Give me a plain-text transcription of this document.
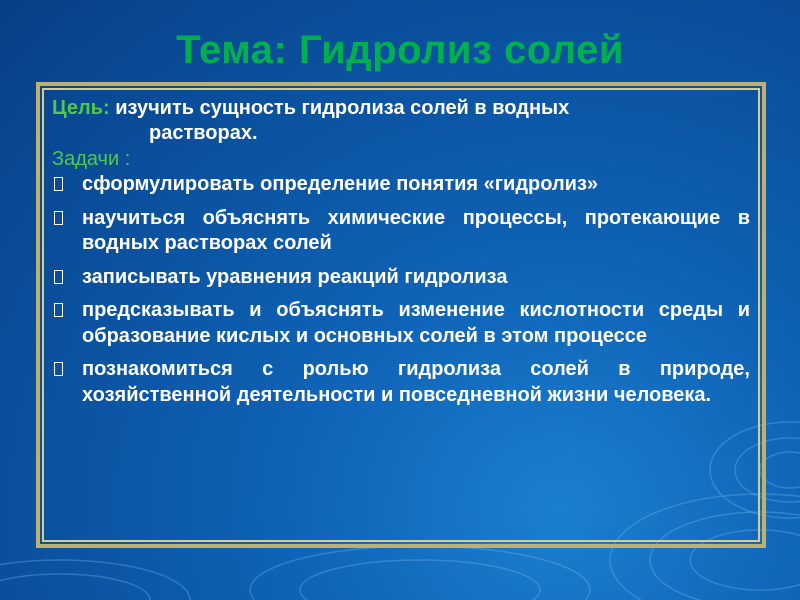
Тема: Гидролиз солей
Цель: изучить сущность гидролиза солей в водных
растворах.
Задачи :
сформулировать определение понятия «гидролиз»
научиться объяснять химические процессы, протекающие в водных растворах солей
записывать уравнения реакций гидролиза
предсказывать и объяснять изменение кислотности среды и образование кислых и основных солей в этом процессе
познакомиться с ролью гидролиза солей в природе, хозяйственной деятельности и повседневной жизни человека.
